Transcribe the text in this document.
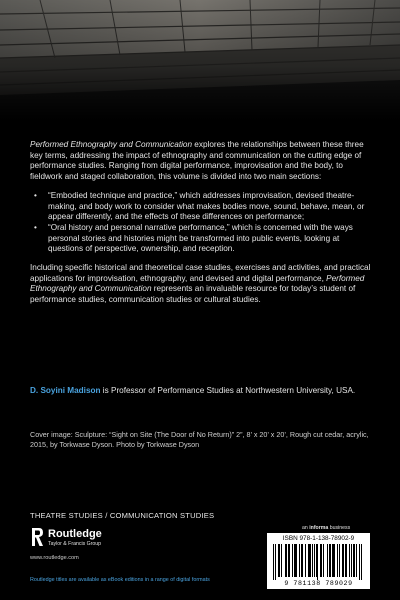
Performed Ethnography and Communication explores the relationships between these three key terms, addressing the impact of ethnography and communication on the cutting edge of performance studies. Ranging from digital performance, improvisation and the body, to fieldwork and staged collaboration, this volume is divided into two main sections:

• “Embodied technique and practice,” which addresses improvisation, devised theatre-making, and body work to consider what makes bodies move, sound, behave, mean, or appear differently, and the effects of these differences on performance;
• “Oral history and personal narrative performance,” which is concerned with the ways personal stories and histories might be transformed into public events, looking at questions of perspective, ownership, and reception.

Including specific historical and theoretical case studies, exercises and activities, and practical applications for improvisation, ethnography, and devised and digital performance, Performed Ethnography and Communication represents an invaluable resource for today’s student of performance studies, communication studies or cultural studies.

D. Soyini Madison is Professor of Performance Studies at Northwestern University, USA.
Cover image: Sculpture: “Sight on Site (The Door of No Return)” 2”, 8’ x 20’ x 20’, Rough cut cedar, acrylic, 2015, by Torkwase Dyson. Photo by Torkwase Dyson
THEATRE STUDIES / COMMUNICATION STUDIES
Routledge
Taylor & Francis Group
www.routledge.com
an informa business
ISBN 978-1-138-78902-9
9 781138 789029
Routledge titles are available as eBook editions in a range of digital formats
